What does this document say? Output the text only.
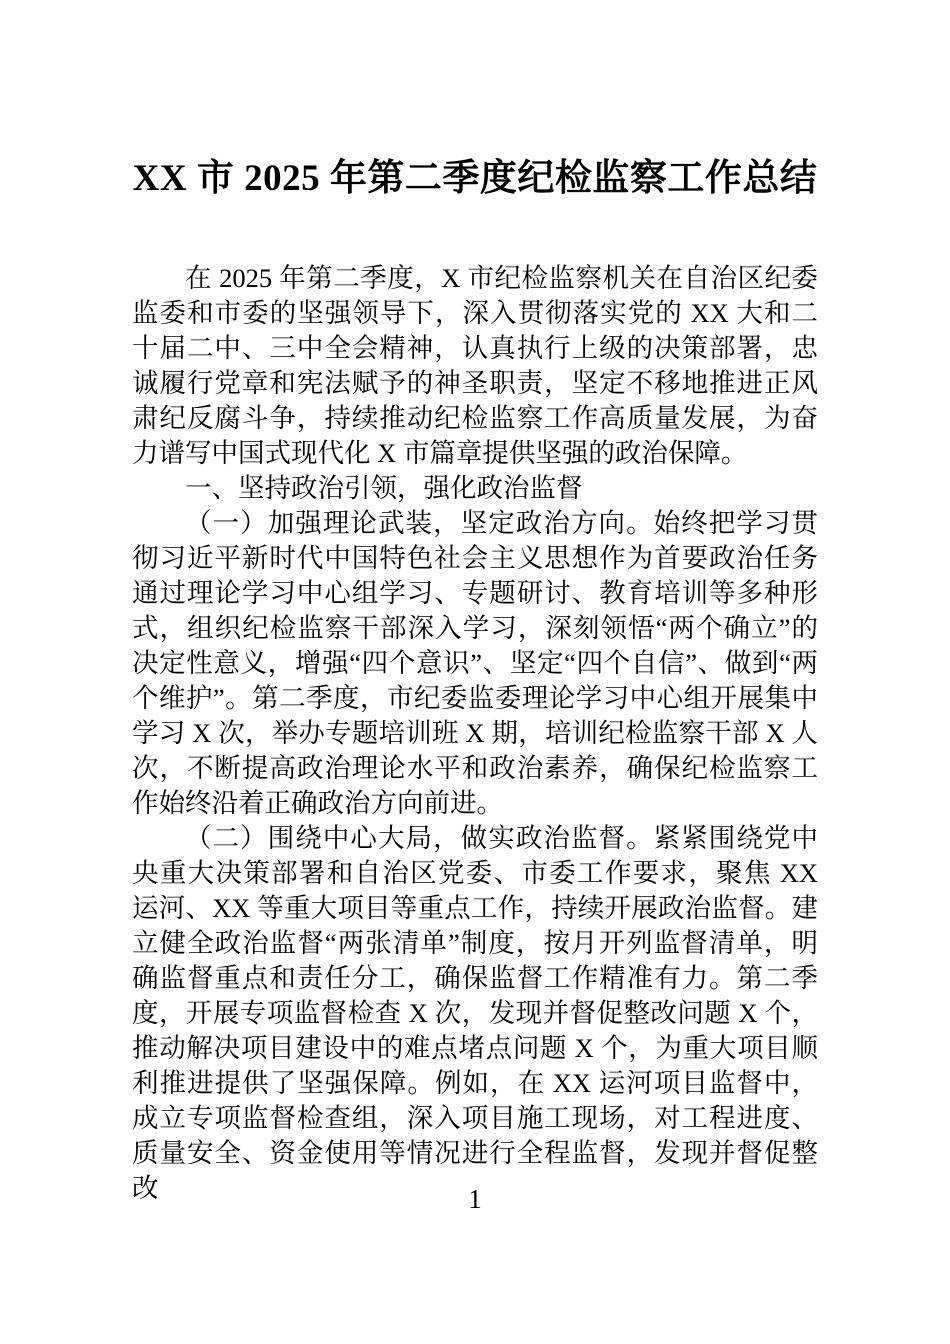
XX 市 2025 年第二季度纪检监察工作总结

在 2025 年第二季度，X 市纪检监察机关在自治区纪委监委和市委的坚强领导下，深入贯彻落实党的 XX 大和二十届二中、三中全会精神，认真执行上级的决策部署，忠诚履行党章和宪法赋予的神圣职责，坚定不移地推进正风肃纪反腐斗争，持续推动纪检监察工作高质量发展，为奋力谱写中国式现代化 X 市篇章提供坚强的政治保障。

一、坚持政治引领，强化政治监督

（一）加强理论武装，坚定政治方向。始终把学习贯彻习近平新时代中国特色社会主义思想作为首要政治任务通过理论学习中心组学习、专题研讨、教育培训等多种形式，组织纪检监察干部深入学习，深刻领悟“两个确立”的决定性意义，增强“四个意识”、坚定“四个自信”、做到“两个维护”。第二季度，市纪委监委理论学习中心组开展集中学习 X 次，举办专题培训班 X 期，培训纪检监察干部 X 人次，不断提高政治理论水平和政治素养，确保纪检监察工作始终沿着正确政治方向前进。

（二）围绕中心大局，做实政治监督。紧紧围绕党中央重大决策部署和自治区党委、市委工作要求，聚焦 XX 运河、XX 等重大项目等重点工作，持续开展政治监督。建立健全政治监督“两张清单”制度，按月开列监督清单，明确监督重点和责任分工，确保监督工作精准有力。第二季度，开展专项监督检查 X 次，发现并督促整改问题 X 个，推动解决项目建设中的难点堵点问题 X 个，为重大项目顺利推进提供了坚强保障。例如，在 XX 运河项目监督中，成立专项监督检查组，深入项目施工现场，对工程进度、质量安全、资金使用等情况进行全程监督，发现并督促整改	1
